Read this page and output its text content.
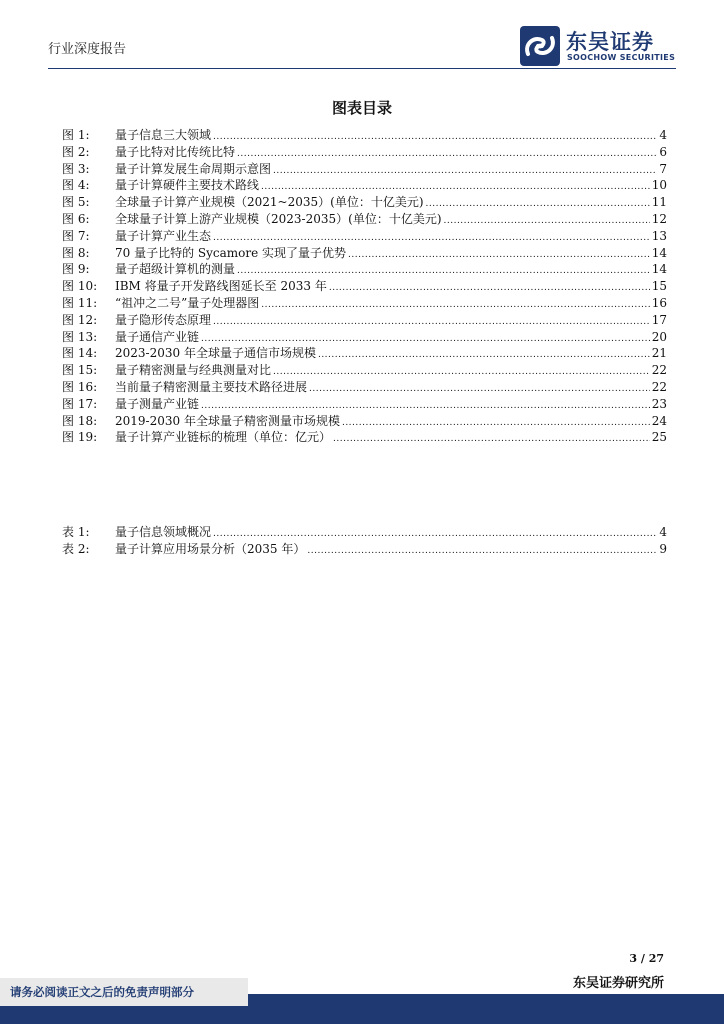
行业深度报告	东吴证券
SOOCHOW SECURITIES
图表目录
图 1:	量子信息三大领域 .....	4
图 2:	量子比特对比传统比特 .....	6
图 3:	量子计算发展生命周期示意图 .....	7
图 4:	量子计算硬件主要技术路线 .....	10
图 5:	全球量子计算产业规模（2021~2035）(单位：十亿美元) .....	11
图 6:	全球量子计算上游产业规模（2023-2035）(单位：十亿美元) .....	12
图 7:	量子计算产业生态 .....	13
图 8:	70 量子比特的 Sycamore 实现了量子优势 .....	14
图 9:	量子超级计算机的测量 .....	14
图 10:	IBM 将量子开发路线图延长至 2033 年 .....	15
图 11:	“祖冲之二号”量子处理器图 .....	16
图 12:	量子隐形传态原理 .....	17
图 13:	量子通信产业链 .....	20
图 14:	2023-2030 年全球量子通信市场规模 .....	21
图 15:	量子精密测量与经典测量对比 .....	22
图 16:	当前量子精密测量主要技术路径进展 .....	22
图 17:	量子测量产业链 .....	23
图 18:	2019-2030 年全球量子精密测量市场规模 .....	24
图 19:	量子计算产业链标的梳理（单位：亿元） .....	25
表 1:	量子信息领域概况 .....	4
表 2:	量子计算应用场景分析（2035 年） .....	9
3 / 27
东吴证券研究所
请务必阅读正文之后的免责声明部分
